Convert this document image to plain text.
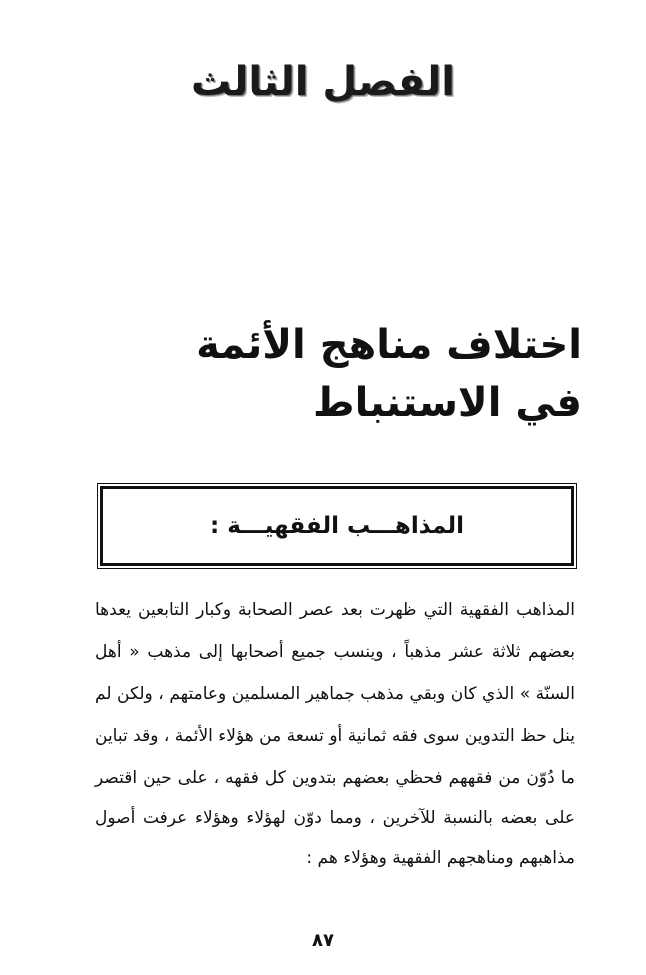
الفصل الثالث
اختلاف مناهج الأئمة
في الاستنباط
المذاهـــب الفقهيـــة :
المذاهب الفقهية التي ظهرت بعد عصر الصحابة وكبار التابعين يعدها
بعضهم ثلاثة عشر مذهباً ، وينسب جميع أصحابها إلى مذهب « أهل
السنّة » الذي كان وبقي مذهب جماهير المسلمين وعامتهم ، ولكن لم
ينل حظ التدوين سوى فقه ثمانية أو تسعة من هؤلاء الأئمة ، وقد تباين
ما دُوّن من فقههم فحظي بعضهم بتدوين كل فقهه ، على حين اقتصر
على بعضه بالنسبة للآخرين ، ومما دوّن لهؤلاء وهؤلاء عرفت أصول
مذاهبهم ومناهجهم الفقهية وهؤلاء هم :
٨٧
